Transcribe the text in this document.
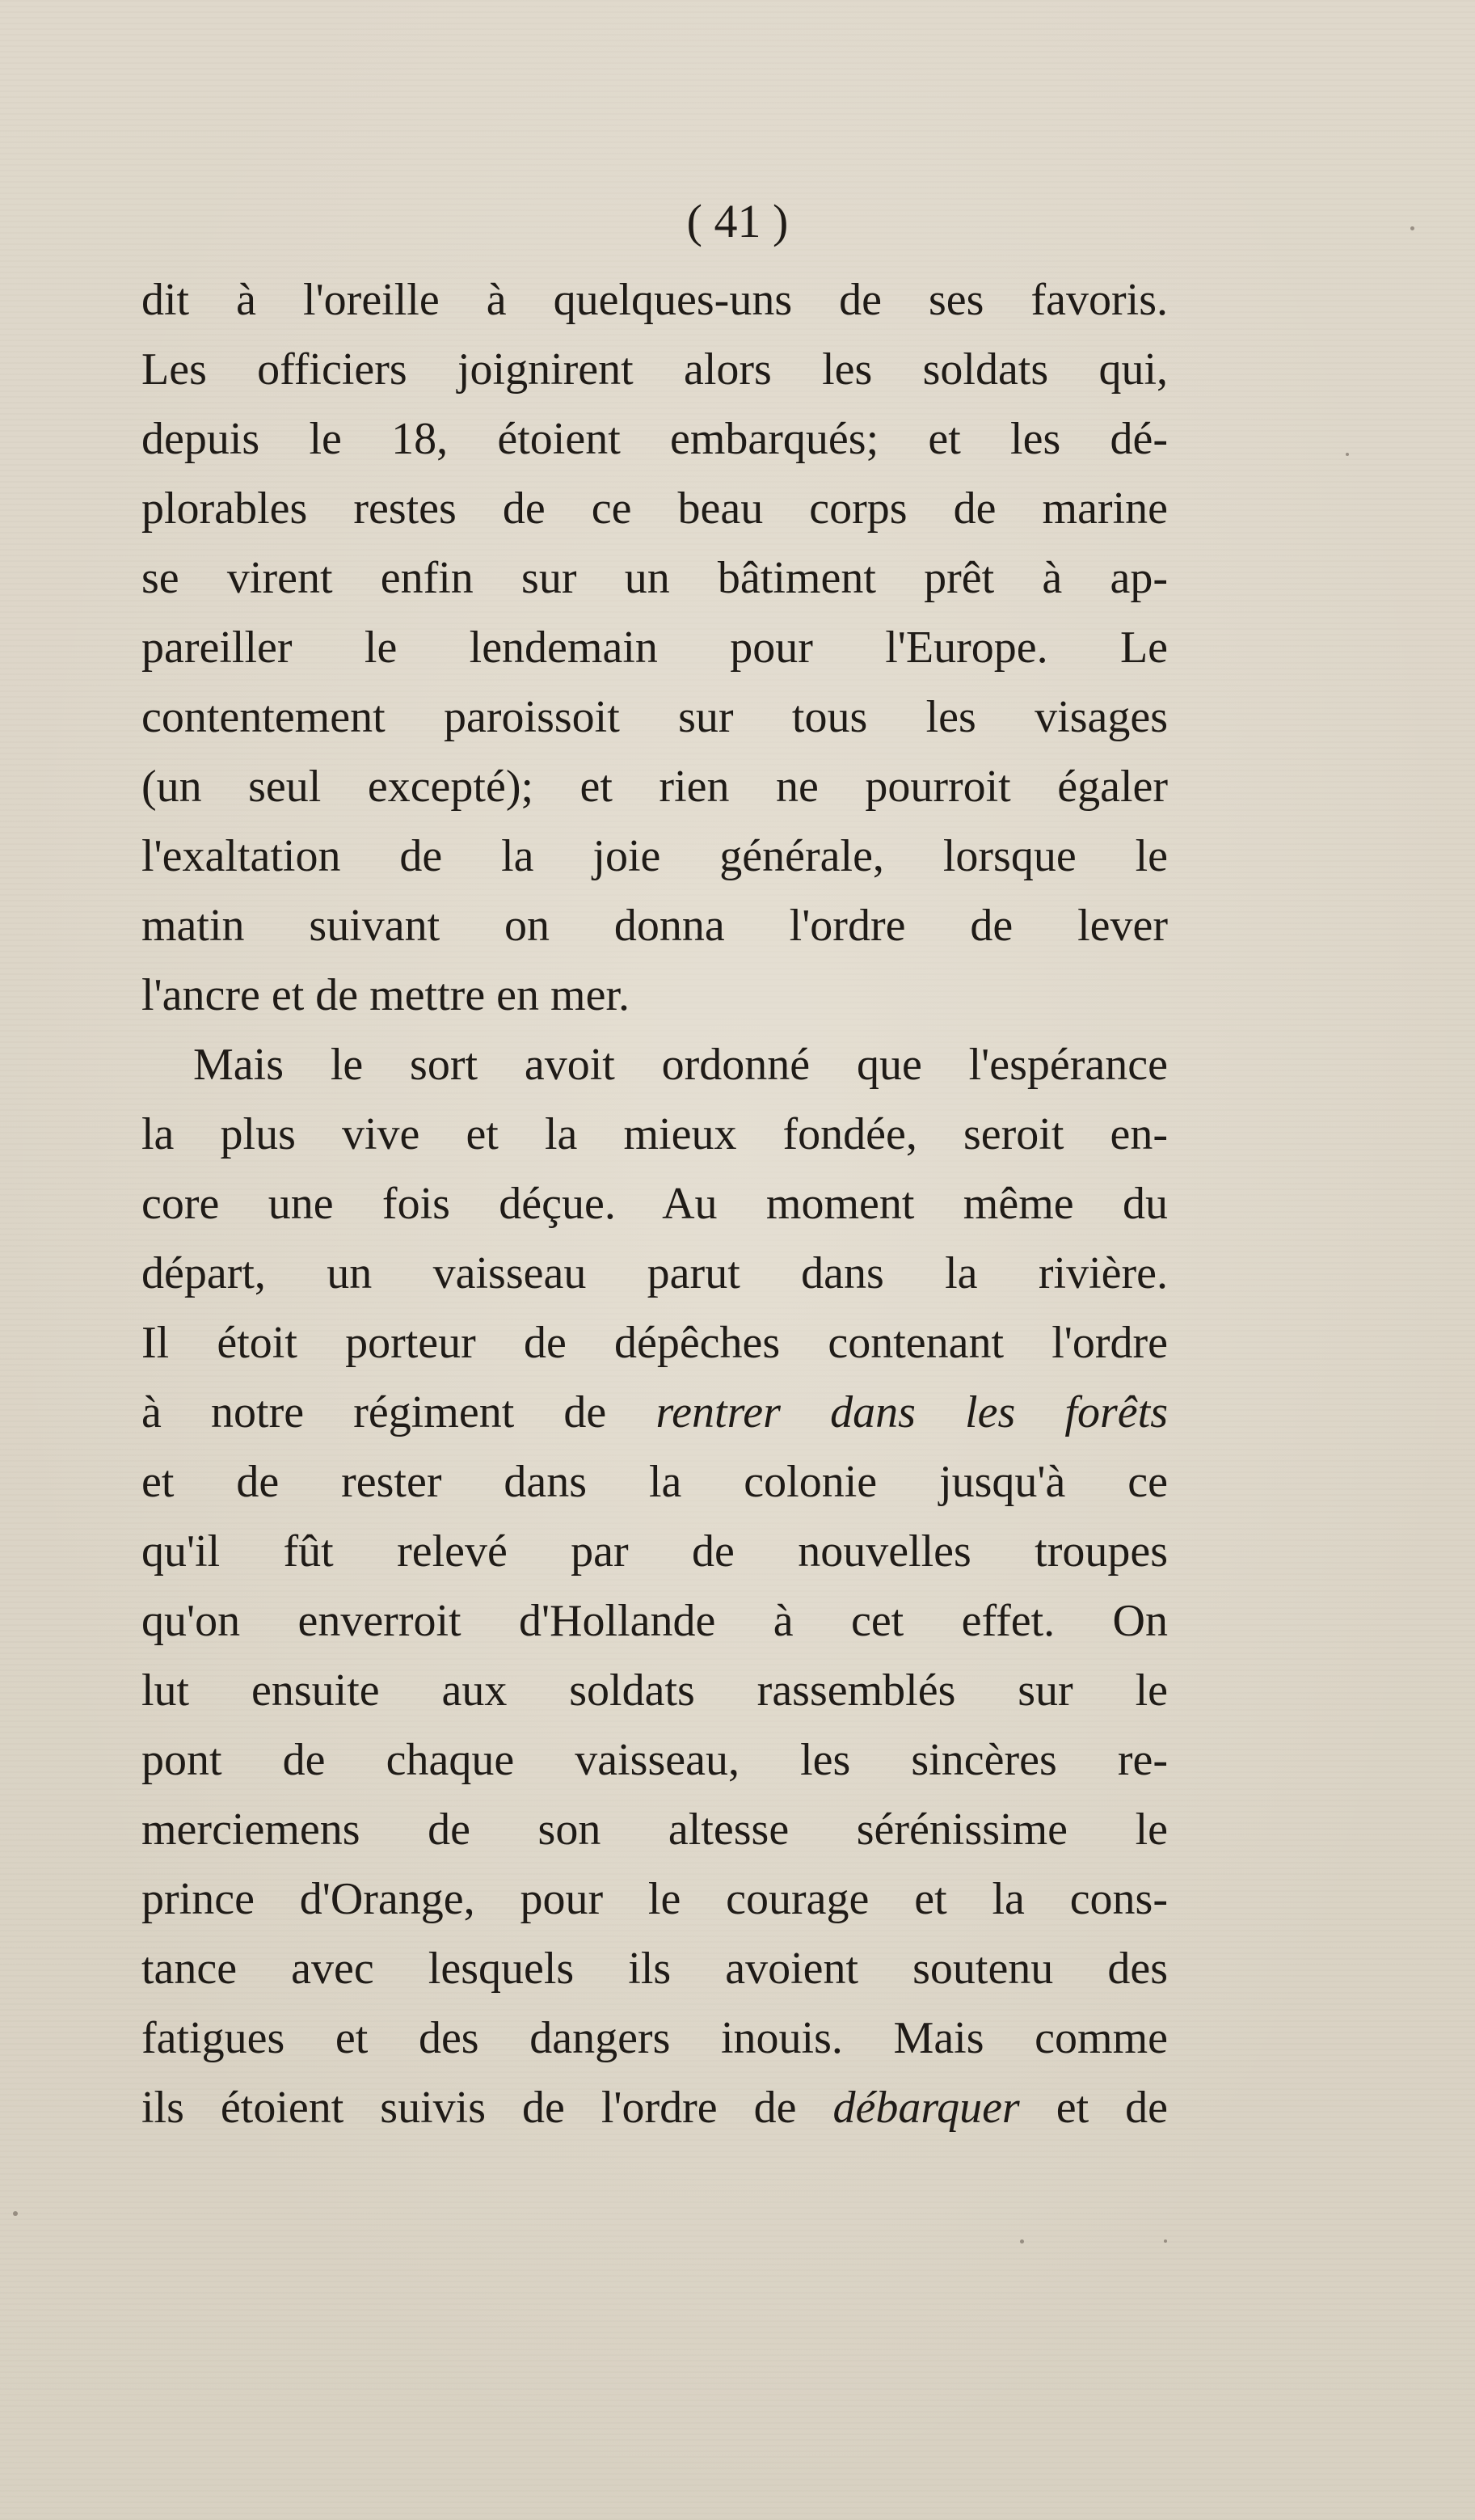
( 41 )
dit à l'oreille à quelques-uns de ses favoris.
Les officiers joignirent alors les soldats qui,
depuis le 18, étoient embarqués; et les dé-
plorables restes de ce beau corps de marine
se virent enfin sur un bâtiment prêt à ap-
pareiller le lendemain pour l'Europe. Le
contentement paroissoit sur tous les visages
(un seul excepté); et rien ne pourroit égaler
l'exaltation de la joie générale, lorsque le
matin suivant on donna l'ordre de lever
l'ancre et de mettre en mer.
Mais le sort avoit ordonné que l'espérance
la plus vive et la mieux fondée, seroit en-
core une fois déçue. Au moment même du
départ, un vaisseau parut dans la rivière.
Il étoit porteur de dépêches contenant l'ordre
à notre régiment de rentrer dans les forêts
et de rester dans la colonie jusqu'à ce
qu'il fût relevé par de nouvelles troupes
qu'on enverroit d'Hollande à cet effet. On
lut ensuite aux soldats rassemblés sur le
pont de chaque vaisseau, les sincères re-
merciemens de son altesse sérénissime le
prince d'Orange, pour le courage et la cons-
tance avec lesquels ils avoient soutenu des
fatigues et des dangers inouis. Mais comme
ils étoient suivis de l'ordre de débarquer et de
